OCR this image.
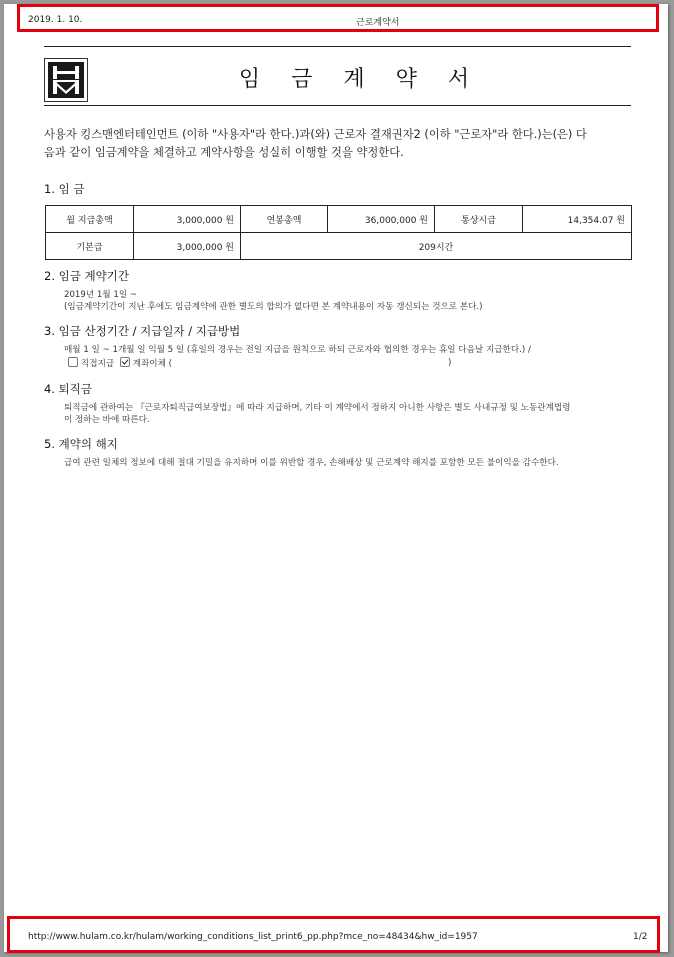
2019. 1. 10.	근로계약서
임 금 계 약 서
사용자 킹스맨엔터테인먼트 (이하 "사용자"라 한다.)과(와) 근로자 결재권자2 (이하 "근로자"라 한다.)는(은) 다
음과 같이 임금계약을 체결하고 계약사항을 성실히 이행할 것을 약정한다.
1. 임 금
월 지급총액	3,000,000 원	연봉총액	36,000,000 원	통상시급	14,354.07 원
기본급	3,000,000 원	209시간			
2. 임금 계약기간
2019년 1월 1일 ~
(임금계약기간이 지난 후에도 임금계약에 관한 별도의 합의가 없다면 본 계약내용이 자동 갱신되는 것으로 본다.)
3. 임금 산정기간 / 지급일자 / 지급방법
매월 1 일 ~ 1개월 일 익월 5 일 (휴일의 경우는 전일 지급을 원칙으로 하되 근로자와 협의한 경우는 휴일 다음날 지급한다.) /
직접지급 계좌이체 (	)
4. 퇴직금
퇴직금에 관하여는 『근로자퇴직급여보장법』에 따라 지급하며, 기타 이 계약에서 정하지 아니한 사항은 별도 사내규정 및 노동관계법령
이 정하는 바에 따른다.
5. 계약의 해지
급여 관련 일체의 정보에 대해 절대 기밀을 유지하며 이를 위반할 경우, 손해배상 및 근로계약 해지를 포함한 모든 불이익을 감수한다.
http://www.hulam.co.kr/hulam/working_conditions_list_print6_pp.php?mce_no=48434&hw_id=1957	1/2
